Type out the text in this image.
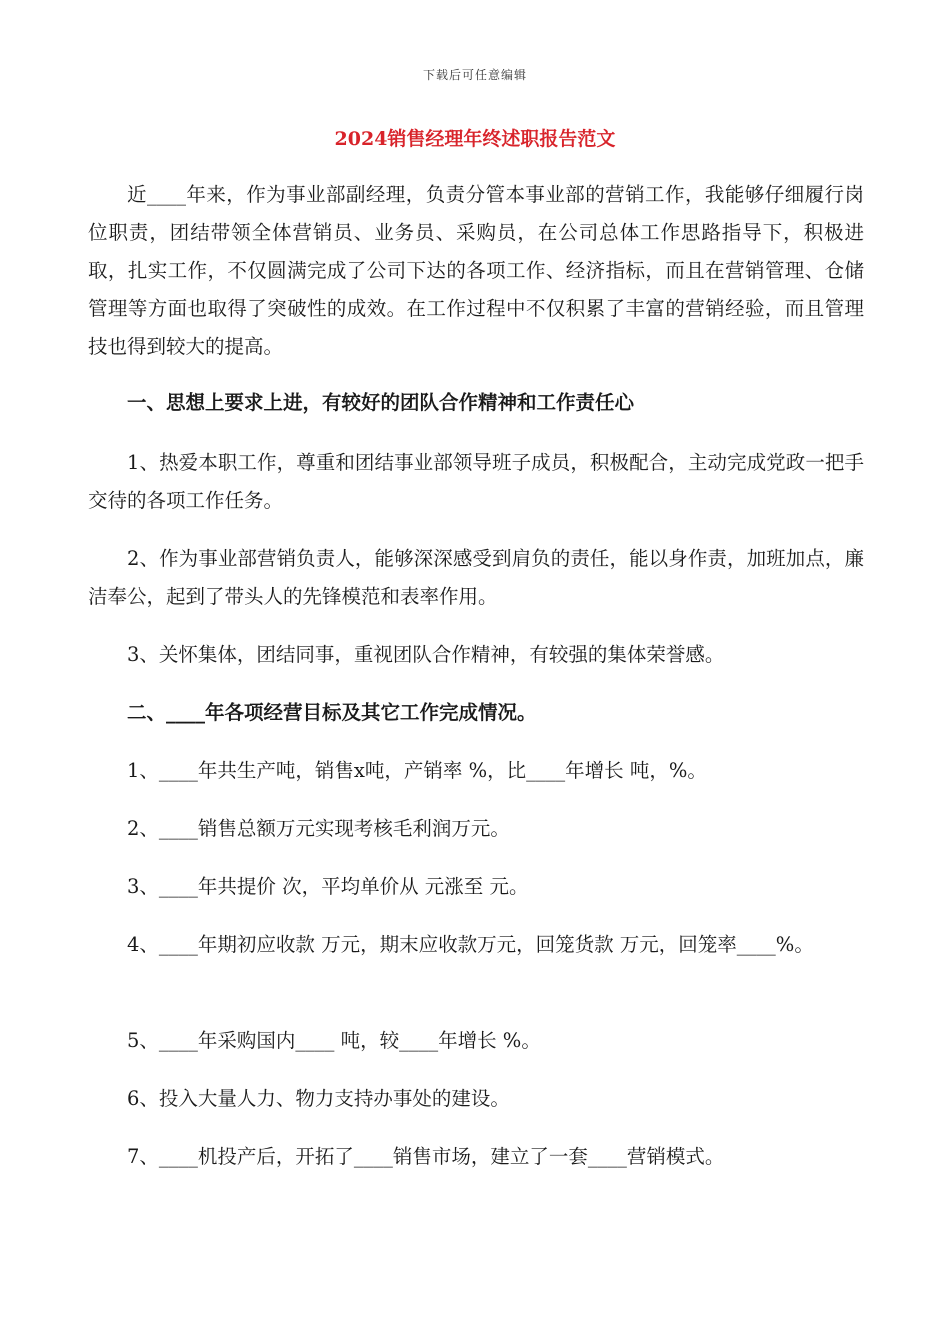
下载后可任意编辑
2024销售经理年终述职报告范文

近____年来，作为事业部副经理，负责分管本事业部的营销工作，我能够仔细履行岗位职责，团结带领全体营销员、业务员、采购员，在公司总体工作思路指导下，积极进取，扎实工作，不仅圆满完成了公司下达的各项工作、经济指标，而且在营销管理、仓储管理等方面也取得了突破性的成效。在工作过程中不仅积累了丰富的营销经验，而且管理技也得到较大的提高。

一、思想上要求上进，有较好的团队合作精神和工作责任心

1、热爱本职工作，尊重和团结事业部领导班子成员，积极配合，主动完成党政一把手交待的各项工作任务。

2、作为事业部营销负责人，能够深深感受到肩负的责任，能以身作责，加班加点，廉洁奉公，起到了带头人的先锋模范和表率作用。

3、关怀集体，团结同事，重视团队合作精神，有较强的集体荣誉感。

二、____年各项经营目标及其它工作完成情况。

1、____年共生产吨，销售x吨，产销率 %，比____年增长 吨，%。

2、____销售总额万元实现考核毛利润万元。

3、____年共提价 次，平均单价从 元涨至 元。

4、____年期初应收款 万元，期末应收款万元，回笼货款 万元，回笼率____%。

5、____年采购国内____ 吨，较____年增长 %。

6、投入大量人力、物力支持办事处的建设。

7、____机投产后，开拓了____销售市场，建立了一套____营销模式。
